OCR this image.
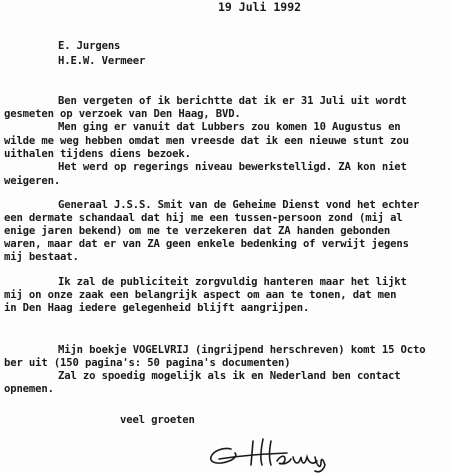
19 Juli 1992
E. Jurgens
H.E.W. Vermeer
Ben vergeten of ik berichtte dat ik er 31 Juli uit wordt
gesmeten op verzoek van Den Haag, BVD.
Men ging er vanuit dat Lubbers zou komen 10 Augustus en
wilde me weg hebben omdat men vreesde dat ik een nieuwe stunt zou
uithalen tijdens diens bezoek.
Het werd op regerings niveau bewerkstelligd. ZA kon niet
weigeren.
Generaal J.S.S. Smit van de Geheime Dienst vond het echter
een dermate schandaal dat hij me een tussen-persoon zond (mij al
enige jaren bekend) om me te verzekeren dat ZA handen gebonden
waren, maar dat er van ZA geen enkele bedenking of verwijt jegens
mij bestaat.
Ik zal de publiciteit zorgvuldig hanteren maar het lijkt
mij on onze zaak een belangrijk aspect om aan te tonen, dat men
in Den Haag iedere gelegenheid blijft aangrijpen.
Mijn boekje VOGELVRIJ (ingrijpend herschreven) komt 15 Octo
ber uit (150 pagina's: 50 pagina's documenten)
Zal zo spoedig mogelijk als ik en Nederland ben contact
opnemen.
veel groeten
